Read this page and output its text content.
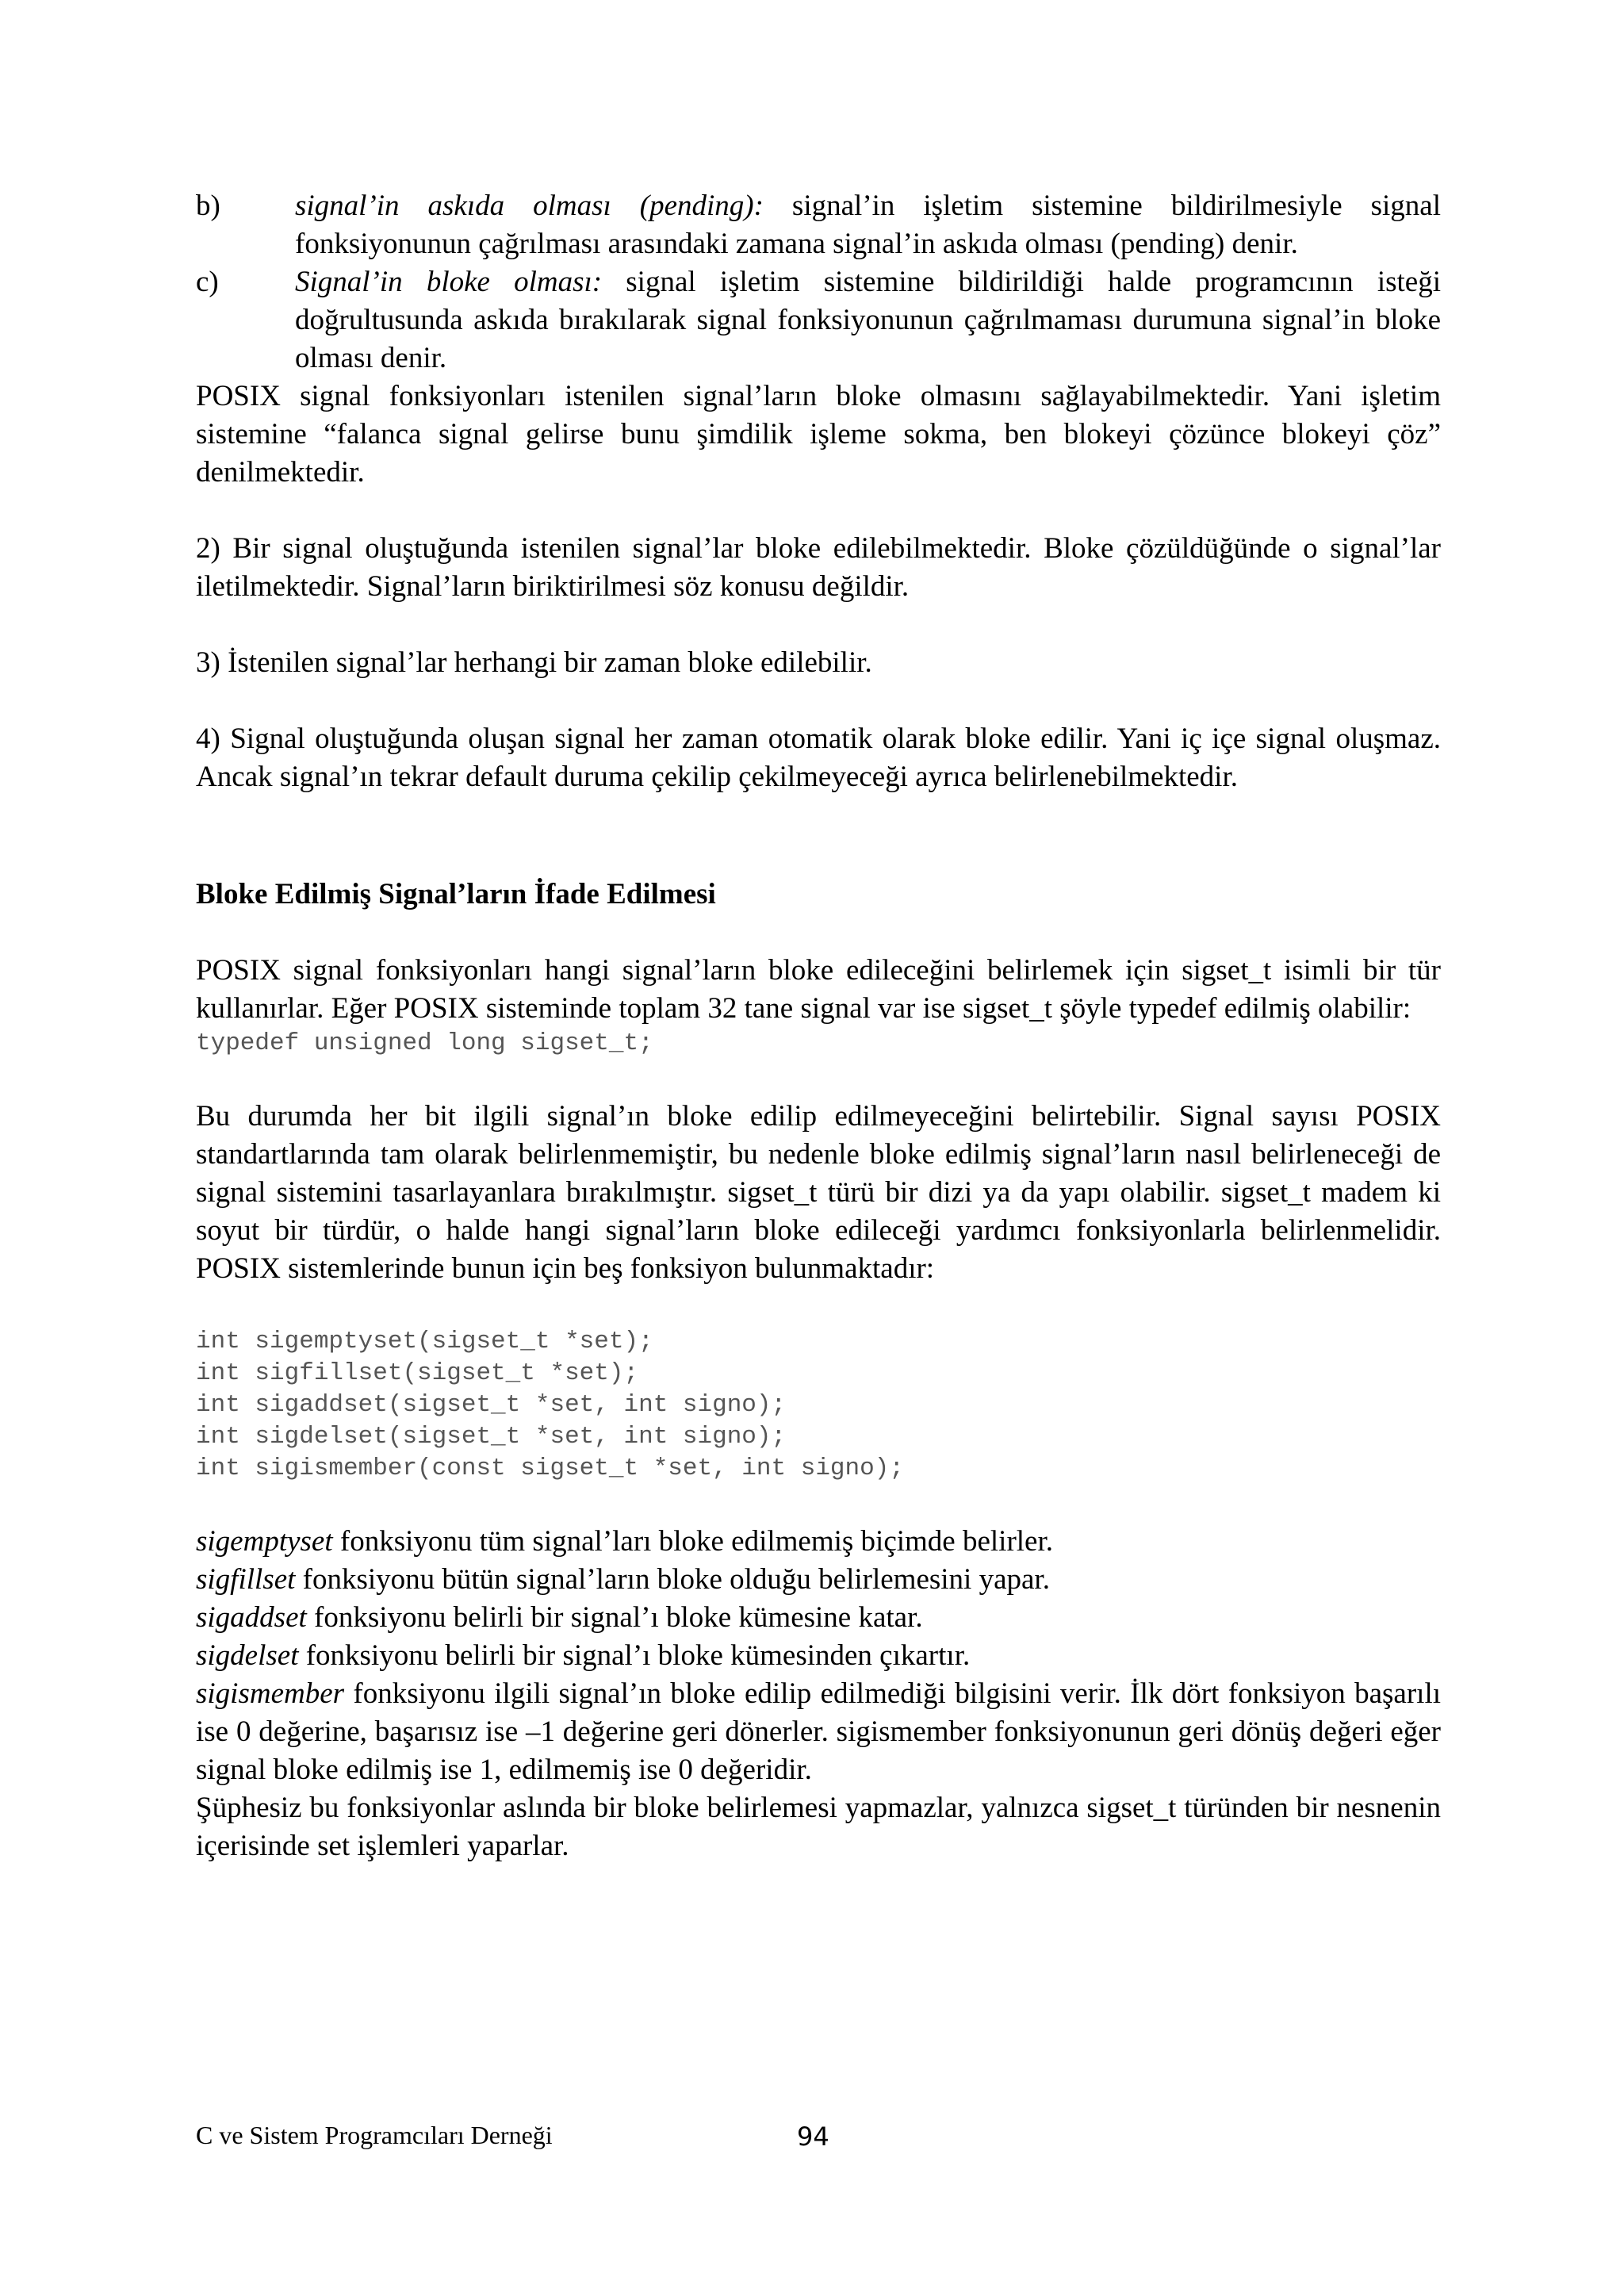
b)	signal’in askıda olması (pending): signal’in işletim sistemine bildirilmesiyle signal fonksiyonunun çağrılması arasındaki zamana signal’in askıda olması (pending) denir.
c)	Signal’in bloke olması: signal işletim sistemine bildirildiği halde programcının isteği doğrultusunda askıda bırakılarak signal fonksiyonunun çağrılmaması durumuna signal’in bloke olması denir.

POSIX signal fonksiyonları istenilen signal’ların bloke olmasını sağlayabilmektedir. Yani işletim sistemine “falanca signal gelirse bunu şimdilik işleme sokma, ben blokeyi çözünce blokeyi çöz” denilmektedir.

2) Bir signal oluştuğunda istenilen signal’lar bloke edilebilmektedir. Bloke çözüldüğünde o signal’lar iletilmektedir. Signal’ların biriktirilmesi söz konusu değildir.

3) İstenilen signal’lar herhangi bir zaman bloke edilebilir.

4) Signal oluştuğunda oluşan signal her zaman otomatik olarak bloke edilir. Yani iç içe signal oluşmaz. Ancak signal’ın tekrar default duruma çekilip çekilmeyeceği ayrıca belirlenebilmektedir.

Bloke Edilmiş Signal’ların İfade Edilmesi

POSIX signal fonksiyonları hangi signal’ların bloke edileceğini belirlemek için sigset_t isimli bir tür kullanırlar. Eğer POSIX sisteminde toplam 32 tane signal var ise sigset_t şöyle typedef edilmiş olabilir:

typedef unsigned long sigset_t;

Bu durumda her bit ilgili signal’ın bloke edilip edilmeyeceğini belirtebilir. Signal sayısı POSIX standartlarında tam olarak belirlenmemiştir, bu nedenle bloke edilmiş signal’ların nasıl belirleneceği de signal sistemini tasarlayanlara bırakılmıştır. sigset_t türü bir dizi ya da yapı olabilir. sigset_t madem ki soyut bir türdür, o halde hangi signal’ların bloke edileceği yardımcı fonksiyonlarla belirlenmelidir. POSIX sistemlerinde bunun için beş fonksiyon bulunmaktadır:

int sigemptyset(sigset_t *set);
int sigfillset(sigset_t *set);
int sigaddset(sigset_t *set, int signo);
int sigdelset(sigset_t *set, int signo);
int sigismember(const sigset_t *set, int signo);

sigemptyset fonksiyonu tüm signal’ları bloke edilmemiş biçimde belirler.

sigfillset fonksiyonu bütün signal’ların bloke olduğu belirlemesini yapar.

sigaddset fonksiyonu belirli bir signal’ı bloke kümesine katar.

sigdelset fonksiyonu belirli bir signal’ı bloke kümesinden çıkartır.

sigismember fonksiyonu ilgili signal’ın bloke edilip edilmediği bilgisini verir. İlk dört fonksiyon başarılı ise 0 değerine, başarısız ise –1 değerine geri dönerler. sigismember fonksiyonunun geri dönüş değeri eğer signal bloke edilmiş ise 1, edilmemiş ise 0 değeridir.

Şüphesiz bu fonksiyonlar aslında bir bloke belirlemesi yapmazlar, yalnızca sigset_t türünden bir nesnenin içerisinde set işlemleri yaparlar.

C ve Sistem Programcıları Derneği	94
